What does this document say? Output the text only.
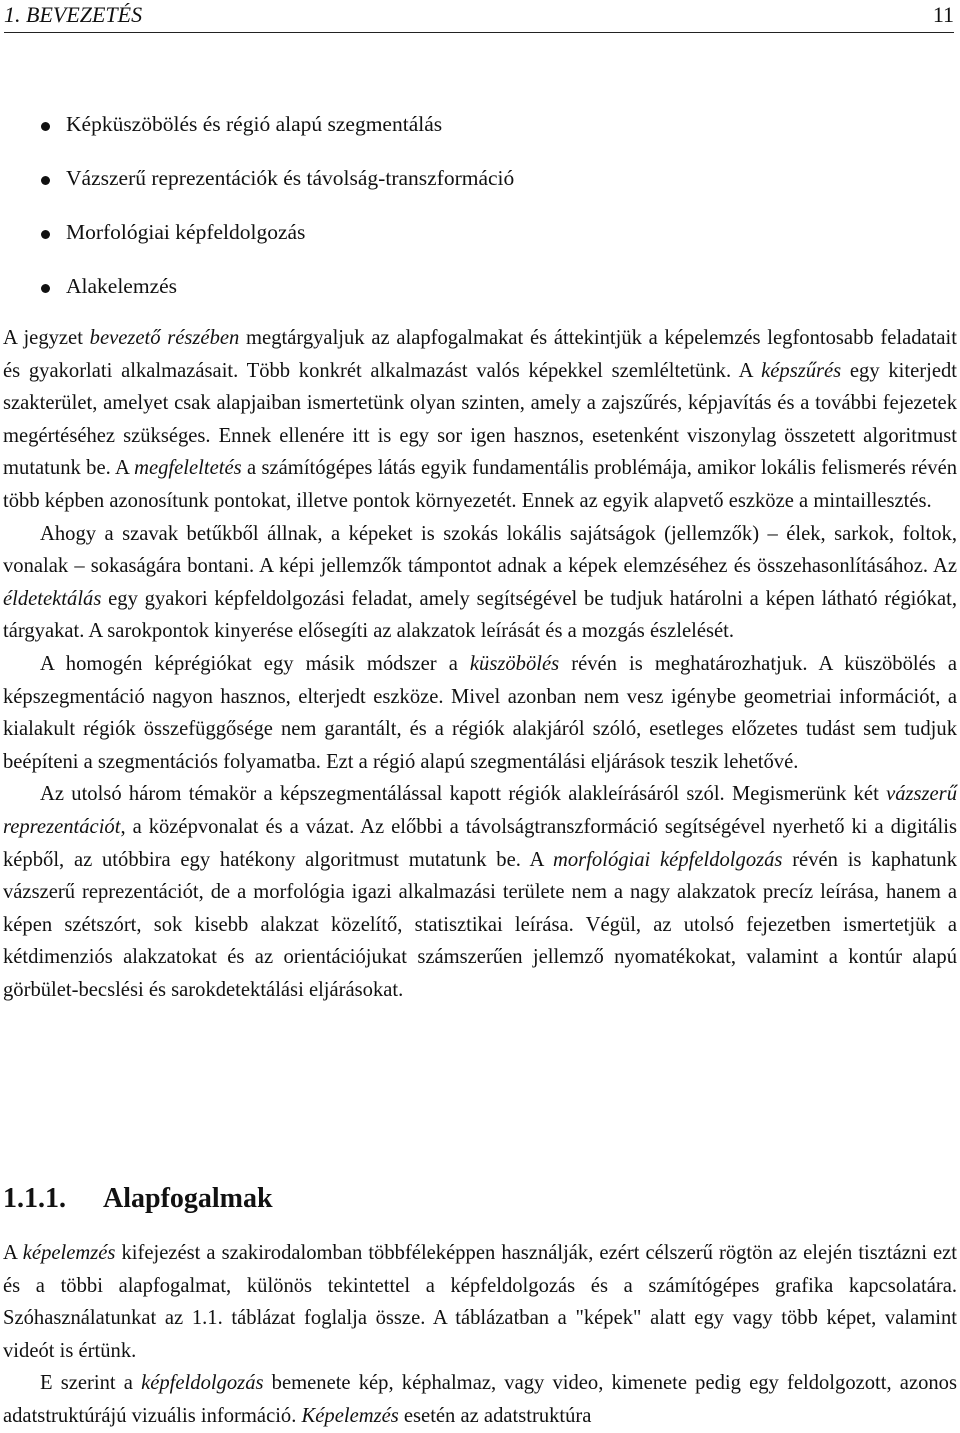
1. BEVEZETÉS	11
Képküszöbölés és régió alapú szegmentálás
Vázszerű reprezentációk és távolság-transzformáció
Morfológiai képfeldolgozás
Alakelemzés

A jegyzet bevezető részében megtárgyaljuk az alapfogalmakat és áttekintjük a képelemzés legfontosabb feladatait és gyakorlati alkalmazásait. Több konkrét alkalmazást valós képekkel szemléltetünk. A képszűrés egy kiterjedt szakterület, amelyet csak alapjaiban ismertetünk olyan szinten, amely a zajszűrés, képjavítás és a további fejezetek megértéséhez szükséges. Ennek ellenére itt is egy sor igen hasznos, esetenként viszonylag összetett algoritmust mutatunk be. A megfeleltetés a számítógépes látás egyik fundamentális problémája, amikor lokális felismerés révén több képben azonosítunk pontokat, illetve pontok környezetét. Ennek az egyik alapvető eszköze a mintaillesztés.

Ahogy a szavak betűkből állnak, a képeket is szokás lokális sajátságok (jellemzők) – élek, sarkok, foltok, vonalak – sokaságára bontani. A képi jellemzők támpontot adnak a képek elemzéséhez és összehasonlításához. Az éldetektálás egy gyakori képfeldolgozási feladat, amely segítségével be tudjuk határolni a képen látható régiókat, tárgyakat. A sarokpontok kinyerése elősegíti az alakzatok leírását és a mozgás észlelését.

A homogén képrégiókat egy másik módszer a küszöbölés révén is meghatározhatjuk. A küszöbölés a képszegmentáció nagyon hasznos, elterjedt eszköze. Mivel azonban nem vesz igénybe geometriai információt, a kialakult régiók összefüggősége nem garantált, és a régiók alakjáról szóló, esetleges előzetes tudást sem tudjuk beépíteni a szegmentációs folyamatba. Ezt a régió alapú szegmentálási eljárások teszik lehetővé.

Az utolsó három témakör a képszegmentálással kapott régiók alakleírásáról szól. Megismerünk két vázszerű reprezentációt, a középvonalat és a vázat. Az előbbi a távolságtranszformáció segítségével nyerhető ki a digitális képből, az utóbbira egy hatékony algoritmust mutatunk be. A morfológiai képfeldolgozás révén is kaphatunk vázszerű reprezentációt, de a morfológia igazi alkalmazási területe nem a nagy alakzatok precíz leírása, hanem a képen szétszórt, sok kisebb alakzat közelítő, statisztikai leírása. Végül, az utolsó fejezetben ismertetjük a kétdimenziós alakzatokat és az orientációjukat számszerűen jellemző nyomatékokat, valamint a kontúr alapú görbület-becslési és sarokdetektálási eljárásokat.

1.1.1. Alapfogalmak

A képelemzés kifejezést a szakirodalomban többféleképpen használják, ezért célszerű rögtön az elején tisztázni ezt és a többi alapfogalmat, különös tekintettel a képfeldolgozás és a számítógépes grafika kapcsolatára. Szóhasználatunkat az 1.1. táblázat foglalja össze. A táblázatban a "képek" alatt egy vagy több képet, valamint videót is értünk.

E szerint a képfeldolgozás bemenete kép, képhalmaz, vagy video, kimenete pedig egy feldolgozott, azonos adatstruktúrájú vizuális információ. Képelemzés esetén az adatstruktúra
